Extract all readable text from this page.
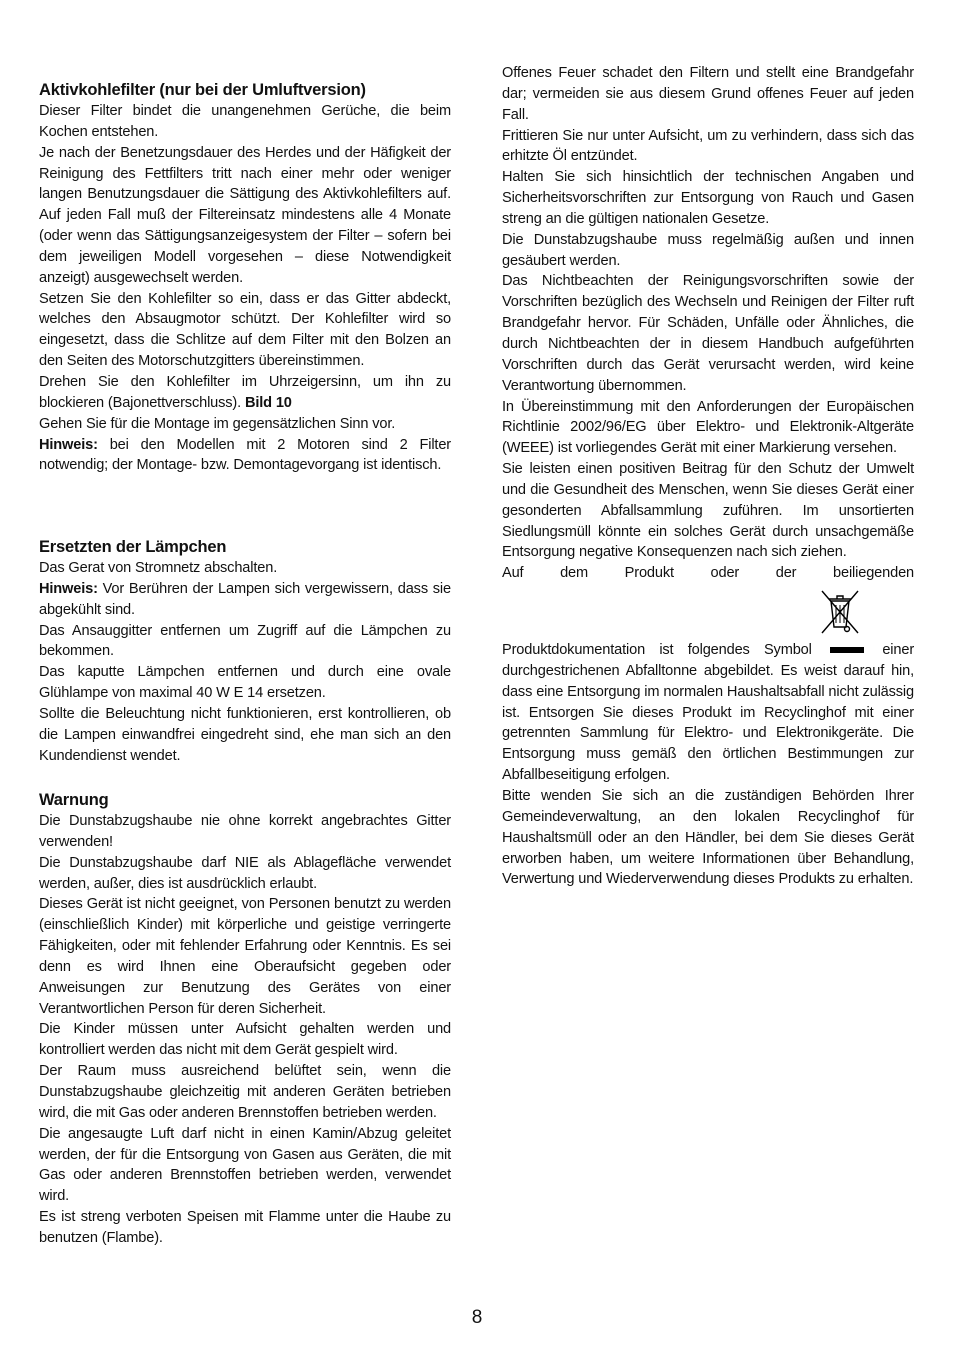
Aktivkohlefilter (nur bei der Umluftversion)

Dieser Filter bindet die unangenehmen Gerüche, die beim Kochen entstehen.

Je nach der Benetzungsdauer des Herdes und der Häfigkeit der Reinigung des Fettfilters tritt nach einer mehr oder weniger langen Benutzungsdauer die Sättigung des Aktivkohlefilters auf. Auf jeden Fall muß der Filtereinsatz mindestens alle 4 Monate (oder wenn das Sättigungsanzeigesystem der Filter – sofern bei dem jeweiligen Modell vorgesehen – diese Notwendigkeit anzeigt) ausgewechselt werden.

Setzen Sie den Kohlefilter so ein, dass er das Gitter abdeckt, welches den Absaugmotor schützt. Der Kohlefilter wird so eingesetzt, dass die Schlitze auf dem Filter mit den Bolzen an den Seiten des Motorschutzgitters übereinstimmen.

Drehen Sie den Kohlefilter im Uhrzeigersinn, um ihn zu blockieren (Bajonettverschluss). Bild 10

Gehen Sie für die Montage im gegensätzlichen Sinn vor.

Hinweis: bei den Modellen mit 2 Motoren sind 2 Filter notwendig; der Montage- bzw. Demontagevorgang ist identisch.

Ersetzten der Lämpchen

Das Gerat von Stromnetz abschalten.

Hinweis: Vor Berühren der Lampen sich vergewissern, dass sie abgekühlt sind.

Das Ansauggitter entfernen um Zugriff auf die Lämpchen zu bekommen.

Das kaputte Lämpchen entfernen und durch eine ovale Glühlampe von maximal 40 W E 14 ersetzen.

Sollte die Beleuchtung nicht funktionieren, erst kontrollieren, ob die Lampen einwandfrei eingedreht sind, ehe man sich an den Kundendienst wendet.

Warnung

Die Dunstabzugshaube nie ohne korrekt angebrachtes Gitter verwenden!

Die Dunstabzugshaube darf NIE als Ablagefläche verwendet werden, außer, dies ist ausdrücklich erlaubt.

Dieses Gerät ist nicht geeignet, von Personen benutzt zu werden (einschließlich Kinder) mit körperliche und geistige verringerte Fähigkeiten, oder mit fehlender Erfahrung oder Kenntnis. Es sei denn es wird Ihnen eine Oberaufsicht gegeben oder Anweisungen zur Benutzung des Gerätes von einer Verantwortlichen Person für deren Sicherheit.

Die Kinder müssen unter Aufsicht gehalten werden und kontrolliert werden das nicht mit dem Gerät gespielt wird.

Der Raum muss ausreichend belüftet sein, wenn die Dunstabzugshaube gleichzeitig mit anderen Geräten betrieben wird, die mit Gas oder anderen Brennstoffen betrieben werden.

Die angesaugte Luft darf nicht in einen Kamin/Abzug geleitet werden, der für die Entsorgung von Gasen aus Geräten, die mit Gas oder anderen Brennstoffen betrieben werden, verwendet wird.

Es ist streng verboten Speisen mit Flamme unter die Haube zu benutzen (Flambe).

Offenes Feuer schadet den Filtern und stellt eine Brandgefahr dar; vermeiden sie aus diesem Grund offenes Feuer auf jeden Fall.

Frittieren Sie nur unter Aufsicht, um zu verhindern, dass sich das erhitzte Öl entzündet.

Halten Sie sich hinsichtlich der technischen Angaben und Sicherheitsvorschriften zur Entsorgung von Rauch und Gasen streng an die gültigen nationalen Gesetze.

Die Dunstabzugshaube muss regelmäßig außen und innen gesäubert werden.

Das Nichtbeachten der Reinigungsvorschriften sowie der Vorschriften bezüglich des Wechseln und Reinigen der Filter ruft Brandgefahr hervor. Für Schäden, Unfälle oder Ähnliches, die durch Nichtbeachten der in diesem Handbuch aufgeführten Vorschriften durch das Gerät verursacht werden, wird keine Verantwortung übernommen.

In Übereinstimmung mit den Anforderungen der Europäischen Richtlinie 2002/96/EG über Elektro- und Elektronik-Altgeräte (WEEE) ist vorliegendes Gerät mit einer Markierung versehen.

Sie leisten einen positiven Beitrag für den Schutz der Umwelt und die Gesundheit des Menschen, wenn Sie dieses Gerät einer gesonderten Abfallsammlung zuführen. Im unsortierten Siedlungsmüll könnte ein solches Gerät durch unsachgemäße Entsorgung negative Konsequenzen nach sich ziehen.

Auf dem Produkt oder der beiliegenden

Produktdokumentation ist folgendes Symbol	einer durchgestrichenen Abfalltonne abgebildet. Es weist darauf hin, dass eine Entsorgung im normalen Haushaltsabfall nicht zulässig ist. Entsorgen Sie dieses Produkt im Recyclinghof mit einer getrennten Sammlung für Elektro- und Elektronikgeräte. Die Entsorgung muss gemäß den örtlichen Bestimmungen zur Abfallbeseitigung erfolgen.

Bitte wenden Sie sich an die zuständigen Behörden Ihrer Gemeindeverwaltung, an den lokalen Recyclinghof für Haushaltsmüll oder an den Händler, bei dem Sie dieses Gerät erworben haben, um weitere Informationen über Behandlung, Verwertung und Wiederverwendung dieses Produkts zu erhalten.

8
